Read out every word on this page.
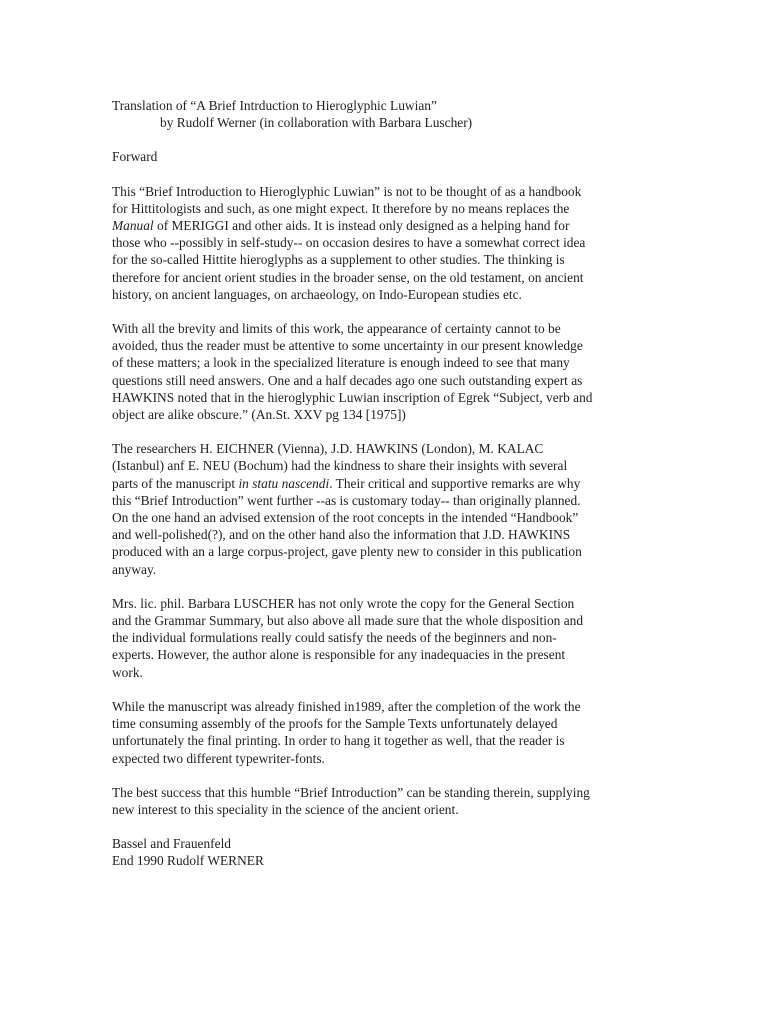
Translation of “A Brief Intrduction to Hieroglyphic Luwian”
by Rudolf Werner (in collaboration with Barbara Luscher)
Forward
This “Brief Introduction to Hieroglyphic Luwian” is not to be thought of as a handbook
for Hittitologists and such, as one might expect. It therefore by no means replaces the
Manual of MERIGGI and other aids. It is instead only designed as a helping hand for
those who --possibly in self-study-- on occasion desires to have a somewhat correct idea
for the so-called Hittite hieroglyphs as a supplement to other studies. The thinking is
therefore for ancient orient studies in the broader sense, on the old testament, on ancient
history, on ancient languages, on archaeology, on Indo-European studies etc.
With all the brevity and limits of this work, the appearance of certainty cannot to be
avoided, thus the reader must be attentive to some uncertainty in our present knowledge
of these matters; a look in the specialized literature is enough indeed to see that many
questions still need answers. One and a half decades ago one such outstanding expert as
HAWKINS noted that in the hieroglyphic Luwian inscription of Egrek “Subject, verb and
object are alike obscure.” (An.St. XXV pg 134 [1975])
The researchers H. EICHNER (Vienna), J.D. HAWKINS (London), M. KALAC
(Istanbul) anf E. NEU (Bochum) had the kindness to share their insights with several
parts of the manuscript in statu nascendi. Their critical and supportive remarks are why
this “Brief Introduction” went further --as is customary today-- than originally planned.
On the one hand an advised extension of the root concepts in the intended “Handbook”
and well-polished(?), and on the other hand also the information that J.D. HAWKINS
produced with an a large corpus-project, gave plenty new to consider in this publication
anyway.
Mrs. lic. phil. Barbara LUSCHER has not only wrote the copy for the General Section
and the Grammar Summary, but also above all made sure that the whole disposition and
the individual formulations really could satisfy the needs of the beginners and non-
experts. However, the author alone is responsible for any inadequacies in the present
work.
While the manuscript was already finished in1989, after the completion of the work the
time consuming assembly of the proofs for the Sample Texts unfortunately delayed
unfortunately the final printing. In order to hang it together as well, that the reader is
expected two different typewriter-fonts.
The best success that this humble “Brief Introduction” can be standing therein, supplying
new interest to this speciality in the science of the ancient orient.
Bassel and Frauenfeld
End 1990 Rudolf WERNER
